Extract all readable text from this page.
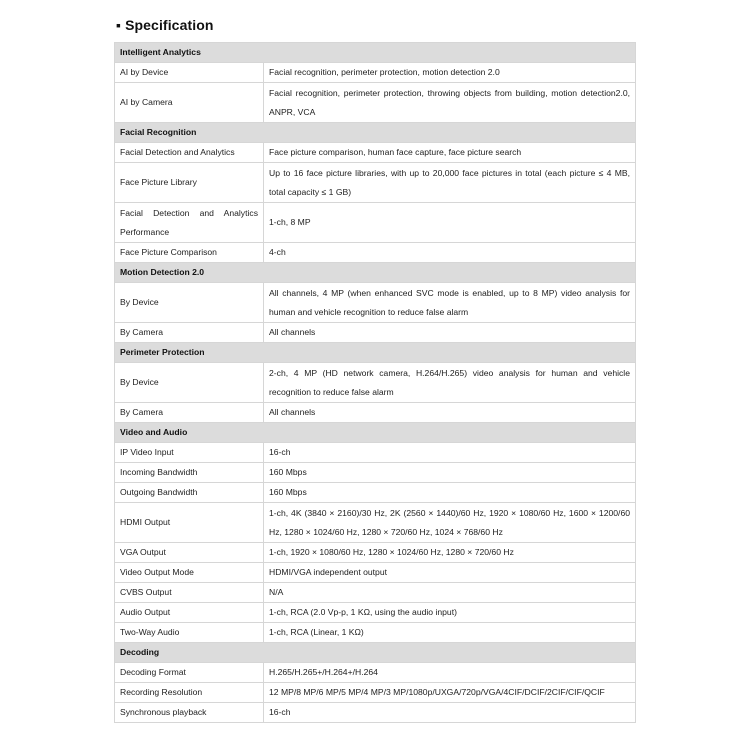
▪ Specification
Intelligent Analytics	
AI by Device	Facial recognition, perimeter protection, motion detection 2.0
AI by Camera	Facial recognition, perimeter protection, throwing objects from building, motion detection2.0, ANPR, VCA
Facial Recognition	
Facial Detection and Analytics	Face picture comparison, human face capture, face picture search
Face Picture Library	Up to 16 face picture libraries, with up to 20,000 face pictures in total (each picture ≤ 4 MB, total capacity ≤ 1 GB)
Facial Detection and Analytics Performance	1-ch, 8 MP
Face Picture Comparison	4-ch
Motion Detection 2.0	
By Device	All channels, 4 MP (when enhanced SVC mode is enabled, up to 8 MP) video analysis for human and vehicle recognition to reduce false alarm
By Camera	All channels
Perimeter Protection	
By Device	2-ch, 4 MP (HD network camera, H.264/H.265) video analysis for human and vehicle recognition to reduce false alarm
By Camera	All channels
Video and Audio	
IP Video Input	16-ch
Incoming Bandwidth	160 Mbps
Outgoing Bandwidth	160 Mbps
HDMI Output	1-ch, 4K (3840 × 2160)/30 Hz, 2K (2560 × 1440)/60 Hz, 1920 × 1080/60 Hz, 1600 × 1200/60 Hz, 1280 × 1024/60 Hz, 1280 × 720/60 Hz, 1024 × 768/60 Hz
VGA Output	1-ch, 1920 × 1080/60 Hz, 1280 × 1024/60 Hz, 1280 × 720/60 Hz
Video Output Mode	HDMI/VGA independent output
CVBS Output	N/A
Audio Output	1-ch, RCA (2.0 Vp-p, 1 KΩ, using the audio input)
Two-Way Audio	1-ch, RCA (Linear, 1 KΩ)
Decoding	
Decoding Format	H.265/H.265+/H.264+/H.264
Recording Resolution	12 MP/8 MP/6 MP/5 MP/4 MP/3 MP/1080p/UXGA/720p/VGA/4CIF/DCIF/2CIF/CIF/QCIF
Synchronous playback	16-ch
